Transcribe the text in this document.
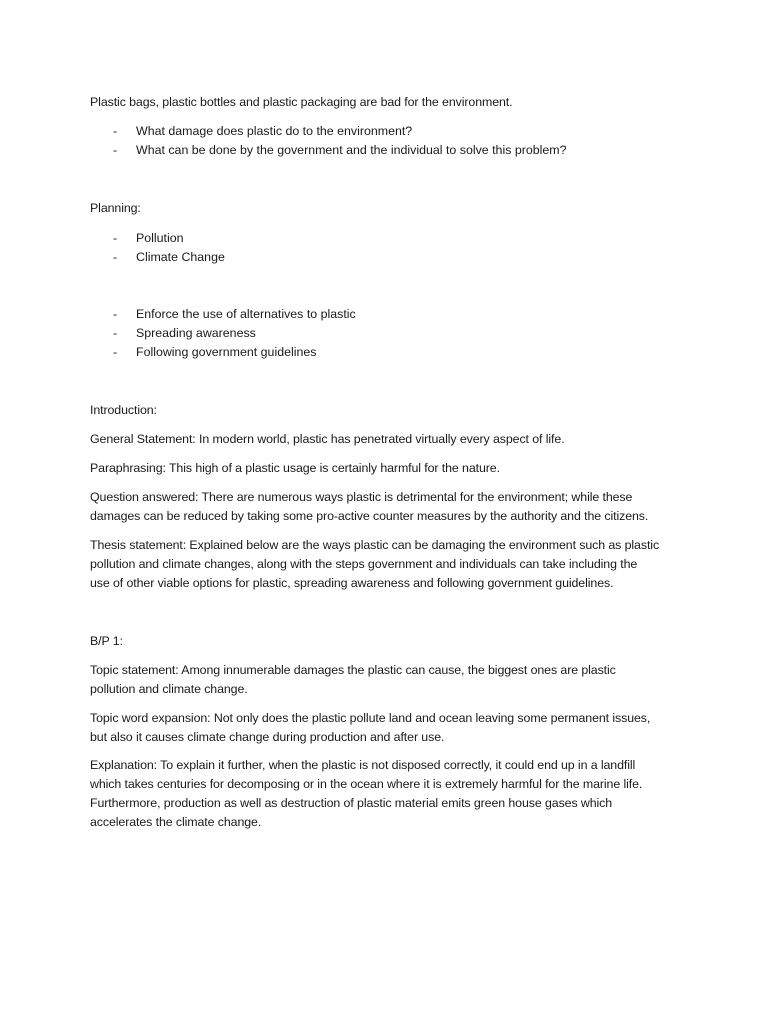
Plastic bags, plastic bottles and plastic packaging are bad for the environment.

- What damage does plastic do to the environment?
- What can be done by the government and the individual to solve this problem?

Planning:

- Pollution
- Climate Change
- Enforce the use of alternatives to plastic
- Spreading awareness
- Following government guidelines

Introduction:

General Statement: In modern world, plastic has penetrated virtually every aspect of life.

Paraphrasing: This high of a plastic usage is certainly harmful for the nature.

Question answered: There are numerous ways plastic is detrimental for the environment; while these

damages can be reduced by taking some pro-active counter measures by the authority and the citizens.

Thesis statement: Explained below are the ways plastic can be damaging the environment such as plastic

pollution and climate changes, along with the steps government and individuals can take including the

use of other viable options for plastic, spreading awareness and following government guidelines.

B/P 1:

Topic statement: Among innumerable damages the plastic can cause, the biggest ones are plastic

pollution and climate change.

Topic word expansion: Not only does the plastic pollute land and ocean leaving some permanent issues,

but also it causes climate change during production and after use.

Explanation: To explain it further, when the plastic is not disposed correctly, it could end up in a landfill

which takes centuries for decomposing or in the ocean where it is extremely harmful for the marine life.

Furthermore, production as well as destruction of plastic material emits green house gases which

accelerates the climate change.
